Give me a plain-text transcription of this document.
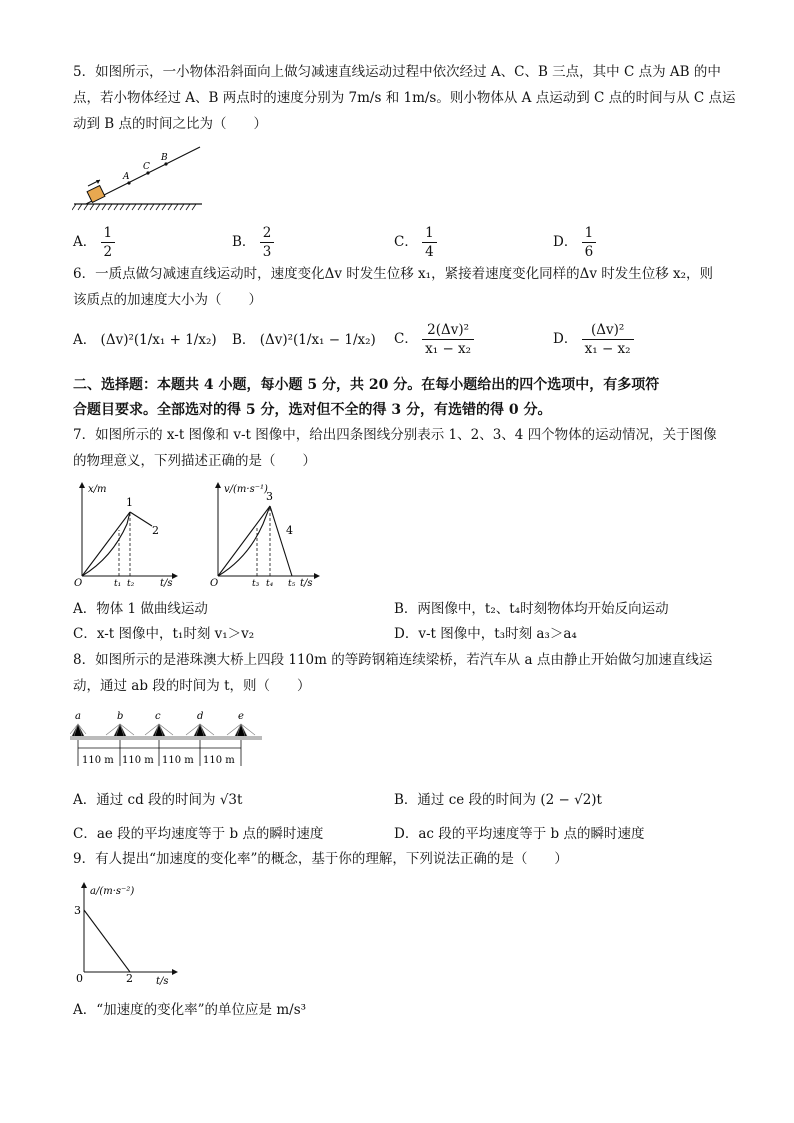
5．如图所示，一小物体沿斜面向上做匀减速直线运动过程中依次经过 A、C、B 三点，其中 C 点为 AB 的中
点，若小物体经过 A、B 两点时的速度分别为 7m/s 和 1m/s。则小物体从 A 点运动到 C 点的时间与从 C 点运
动到 B 点的时间之比为（　　）
A
C
B
A． $\frac{1}{2}$	B． $\frac{2}{3}$	C． $\frac{1}{4}$	D． $\frac{1}{6}$
6．一质点做匀减速直线运动时，速度变化Δv 时发生位移 x₁，紧接着速度变化同样的Δv 时发生位移 x₂，则
该质点的加速度大小为（　　）
A． (Δv)²(1/x₁ + 1/x₂) B． (Δv)²(1/x₁ − 1/x₂) C． $\frac{\text{2(Δv)²}}{\text{x₁ − x₂}}$	D． $\frac{\text{(Δv)²}}{\text{x₁ − x₂}}$
二、选择题：本题共 4 小题，每小题 5 分，共 20 分。在每小题给出的四个选项中，有多项符
合题目要求。全部选对的得 5 分，选对但不全的得 3 分，有选错的得 0 分。
7．如图所示的 x-t 图像和 v-t 图像中，给出四条图线分别表示 1、2、3、4 四个物体的运动情况，关于图像
的物理意义，下列描述正确的是（　　）
x/m
O	t/s
1
2
t₁ t₂
v/(m·s⁻¹)
O	t/s
3
4
t₃ t₄ t₅
A．物体 1 做曲线运动	B．两图像中，t₂、t₄时刻物体均开始反向运动
C．x-t 图像中，t₁时刻 v₁＞v₂	D．v-t 图像中，t₃时刻 a₃＞a₄
8．如图所示的是港珠澳大桥上四段 110m 的等跨钢箱连续梁桥，若汽车从 a 点由静止开始做匀加速直线运
动，通过 ab 段的时间为 t，则（　　）
a	b	c	d	e
110 m 110 m 110 m 110 m
A．通过 cd 段的时间为 √3t	B．通过 ce 段的时间为 (2 − √2)t
C．ae 段的平均速度等于 b 点的瞬时速度	D．ac 段的平均速度等于 b 点的瞬时速度
9．有人提出“加速度的变化率”的概念，基于你的理解，下列说法正确的是（　　）
a/(m·s⁻²)
3
0	2 t/s
A．“加速度的变化率”的单位应是 m/s³
